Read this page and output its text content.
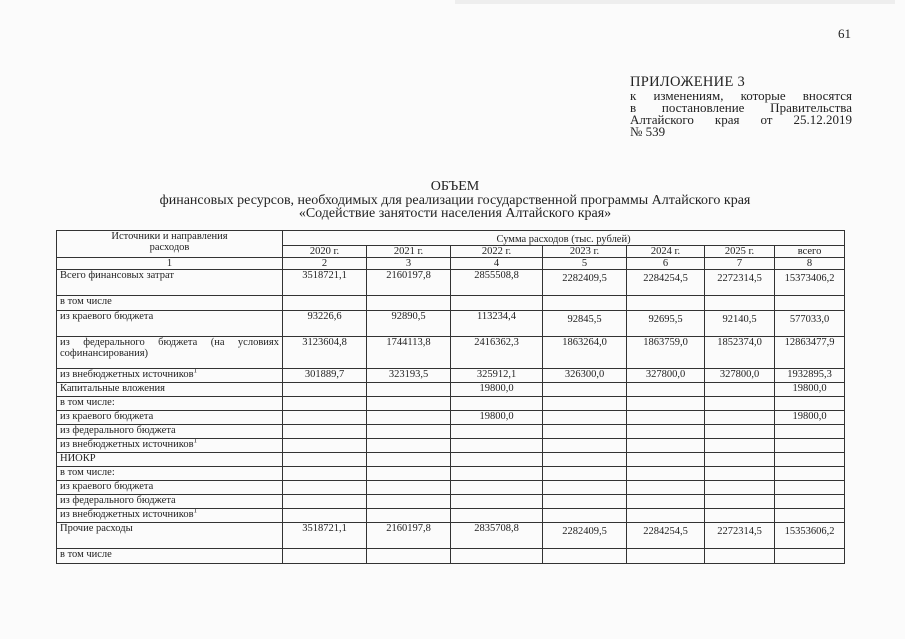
61
ПРИЛОЖЕНИЕ 3
к изменениям, которые вносятся
в постановление Правительства
Алтайского края от 25.12.2019
№ 539
ОБЪЕМ
финансовых ресурсов, необходимых для реализации государственной программы Алтайского края
«Содействие занятости населения Алтайского края»
Источники и направления
расходов	Сумма расходов (тыс. рублей)						
	2020 г.	2021 г.	2022 г.	2023 г.	2024 г.	2025 г.	всего
1	2	3	4	5	6	7	8
Всего финансовых затрат	3518721,1	2160197,8	2855508,8	2282409,5	2284254,5	2272314,5	15373406,2
в том числе							
из краевого бюджета	93226,6	92890,5	113234,4	92845,5	92695,5	92140,5	577033,0
из федерального бюджета (на условиях софинансирования)	3123604,8	1744113,8	2416362,3	1863264,0	1863759,0	1852374,0	12863477,9
из внебюджетных источников$^1$	301889,7	323193,5	325912,1	326300,0	327800,0	327800,0	1932895,3
Капитальные вложения			19800,0				19800,0
в том числе:							
из краевого бюджета			19800,0				19800,0
из федерального бюджета							
из внебюджетных источников$^1$							
НИОКР							
в том числе:							
из краевого бюджета							
из федерального бюджета							
из внебюджетных источников$^1$							
Прочие расходы	3518721,1	2160197,8	2835708,8	2282409,5	2284254,5	2272314,5	15353606,2
в том числе							
